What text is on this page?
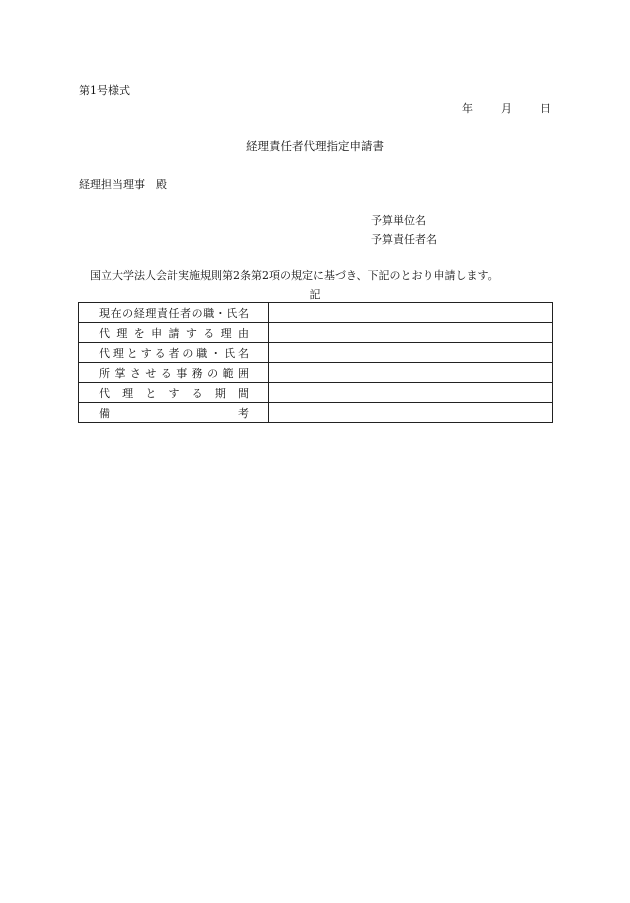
第1号様式
年	月	日
経理責任者代理指定申請書
経理担当理事　殿
予算単位名
予算責任者名
国立大学法人会計実施規則第2条第2項の規定に基づき、下記のとおり申請します。
記
現在の経理責任者の職・氏名	
代理を申請する理由	
代理とする者の職・氏名	
所掌させる事務の範囲	
代理とする期間	
備考	
